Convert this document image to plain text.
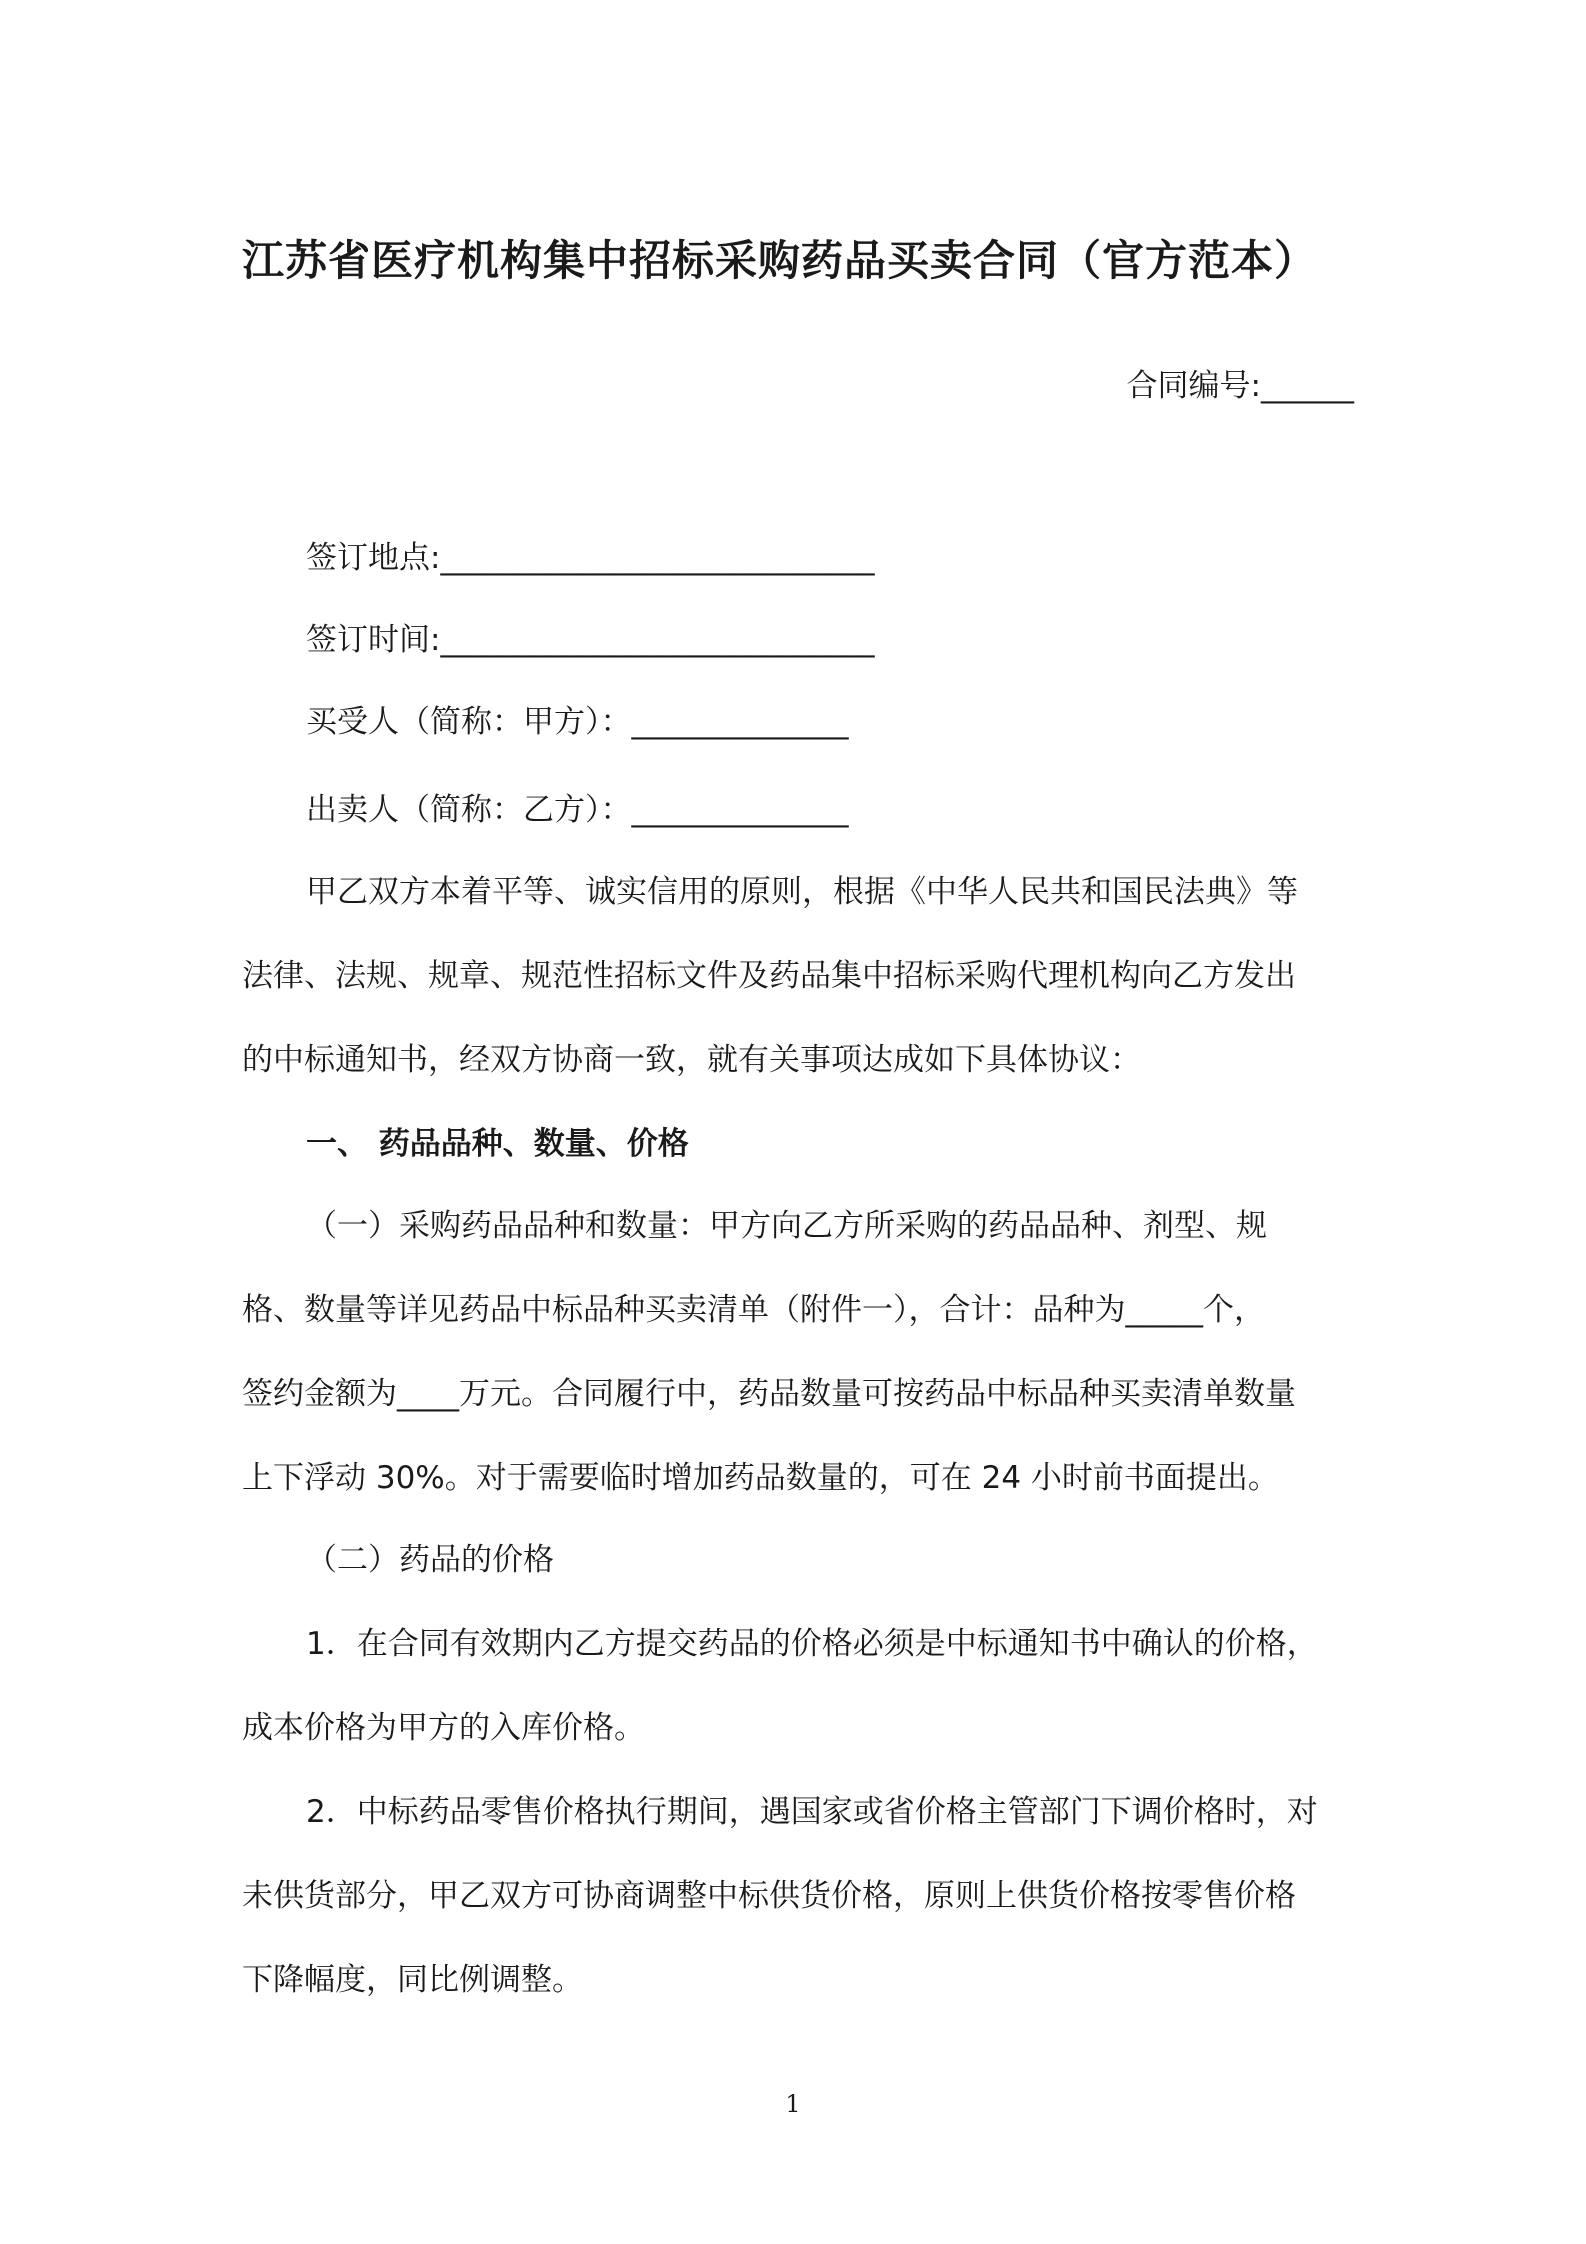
江苏省医疗机构集中招标采购药品买卖合同（官方范本）
合同编号:______
签订地点:____________________________
签订时间:____________________________
买受人（简称：甲方）：______________
出卖人（简称：乙方）：______________
甲乙双方本着平等、诚实信用的原则，根据《中华人民共和国民法典》等
法律、法规、规章、规范性招标文件及药品集中招标采购代理机构向乙方发出
的中标通知书，经双方协商一致，就有关事项达成如下具体协议：
一、 药品品种、数量、价格
（一）采购药品品种和数量：甲方向乙方所采购的药品品种、剂型、规
格、数量等详见药品中标品种买卖清单（附件一），合计：品种为_____个，
签约金额为____万元。合同履行中，药品数量可按药品中标品种买卖清单数量
上下浮动 30%。对于需要临时增加药品数量的，可在 24 小时前书面提出。
（二）药品的价格
1．在合同有效期内乙方提交药品的价格必须是中标通知书中确认的价格，
成本价格为甲方的入库价格。
2．中标药品零售价格执行期间，遇国家或省价格主管部门下调价格时，对
未供货部分，甲乙双方可协商调整中标供货价格，原则上供货价格按零售价格
下降幅度，同比例调整。
1
